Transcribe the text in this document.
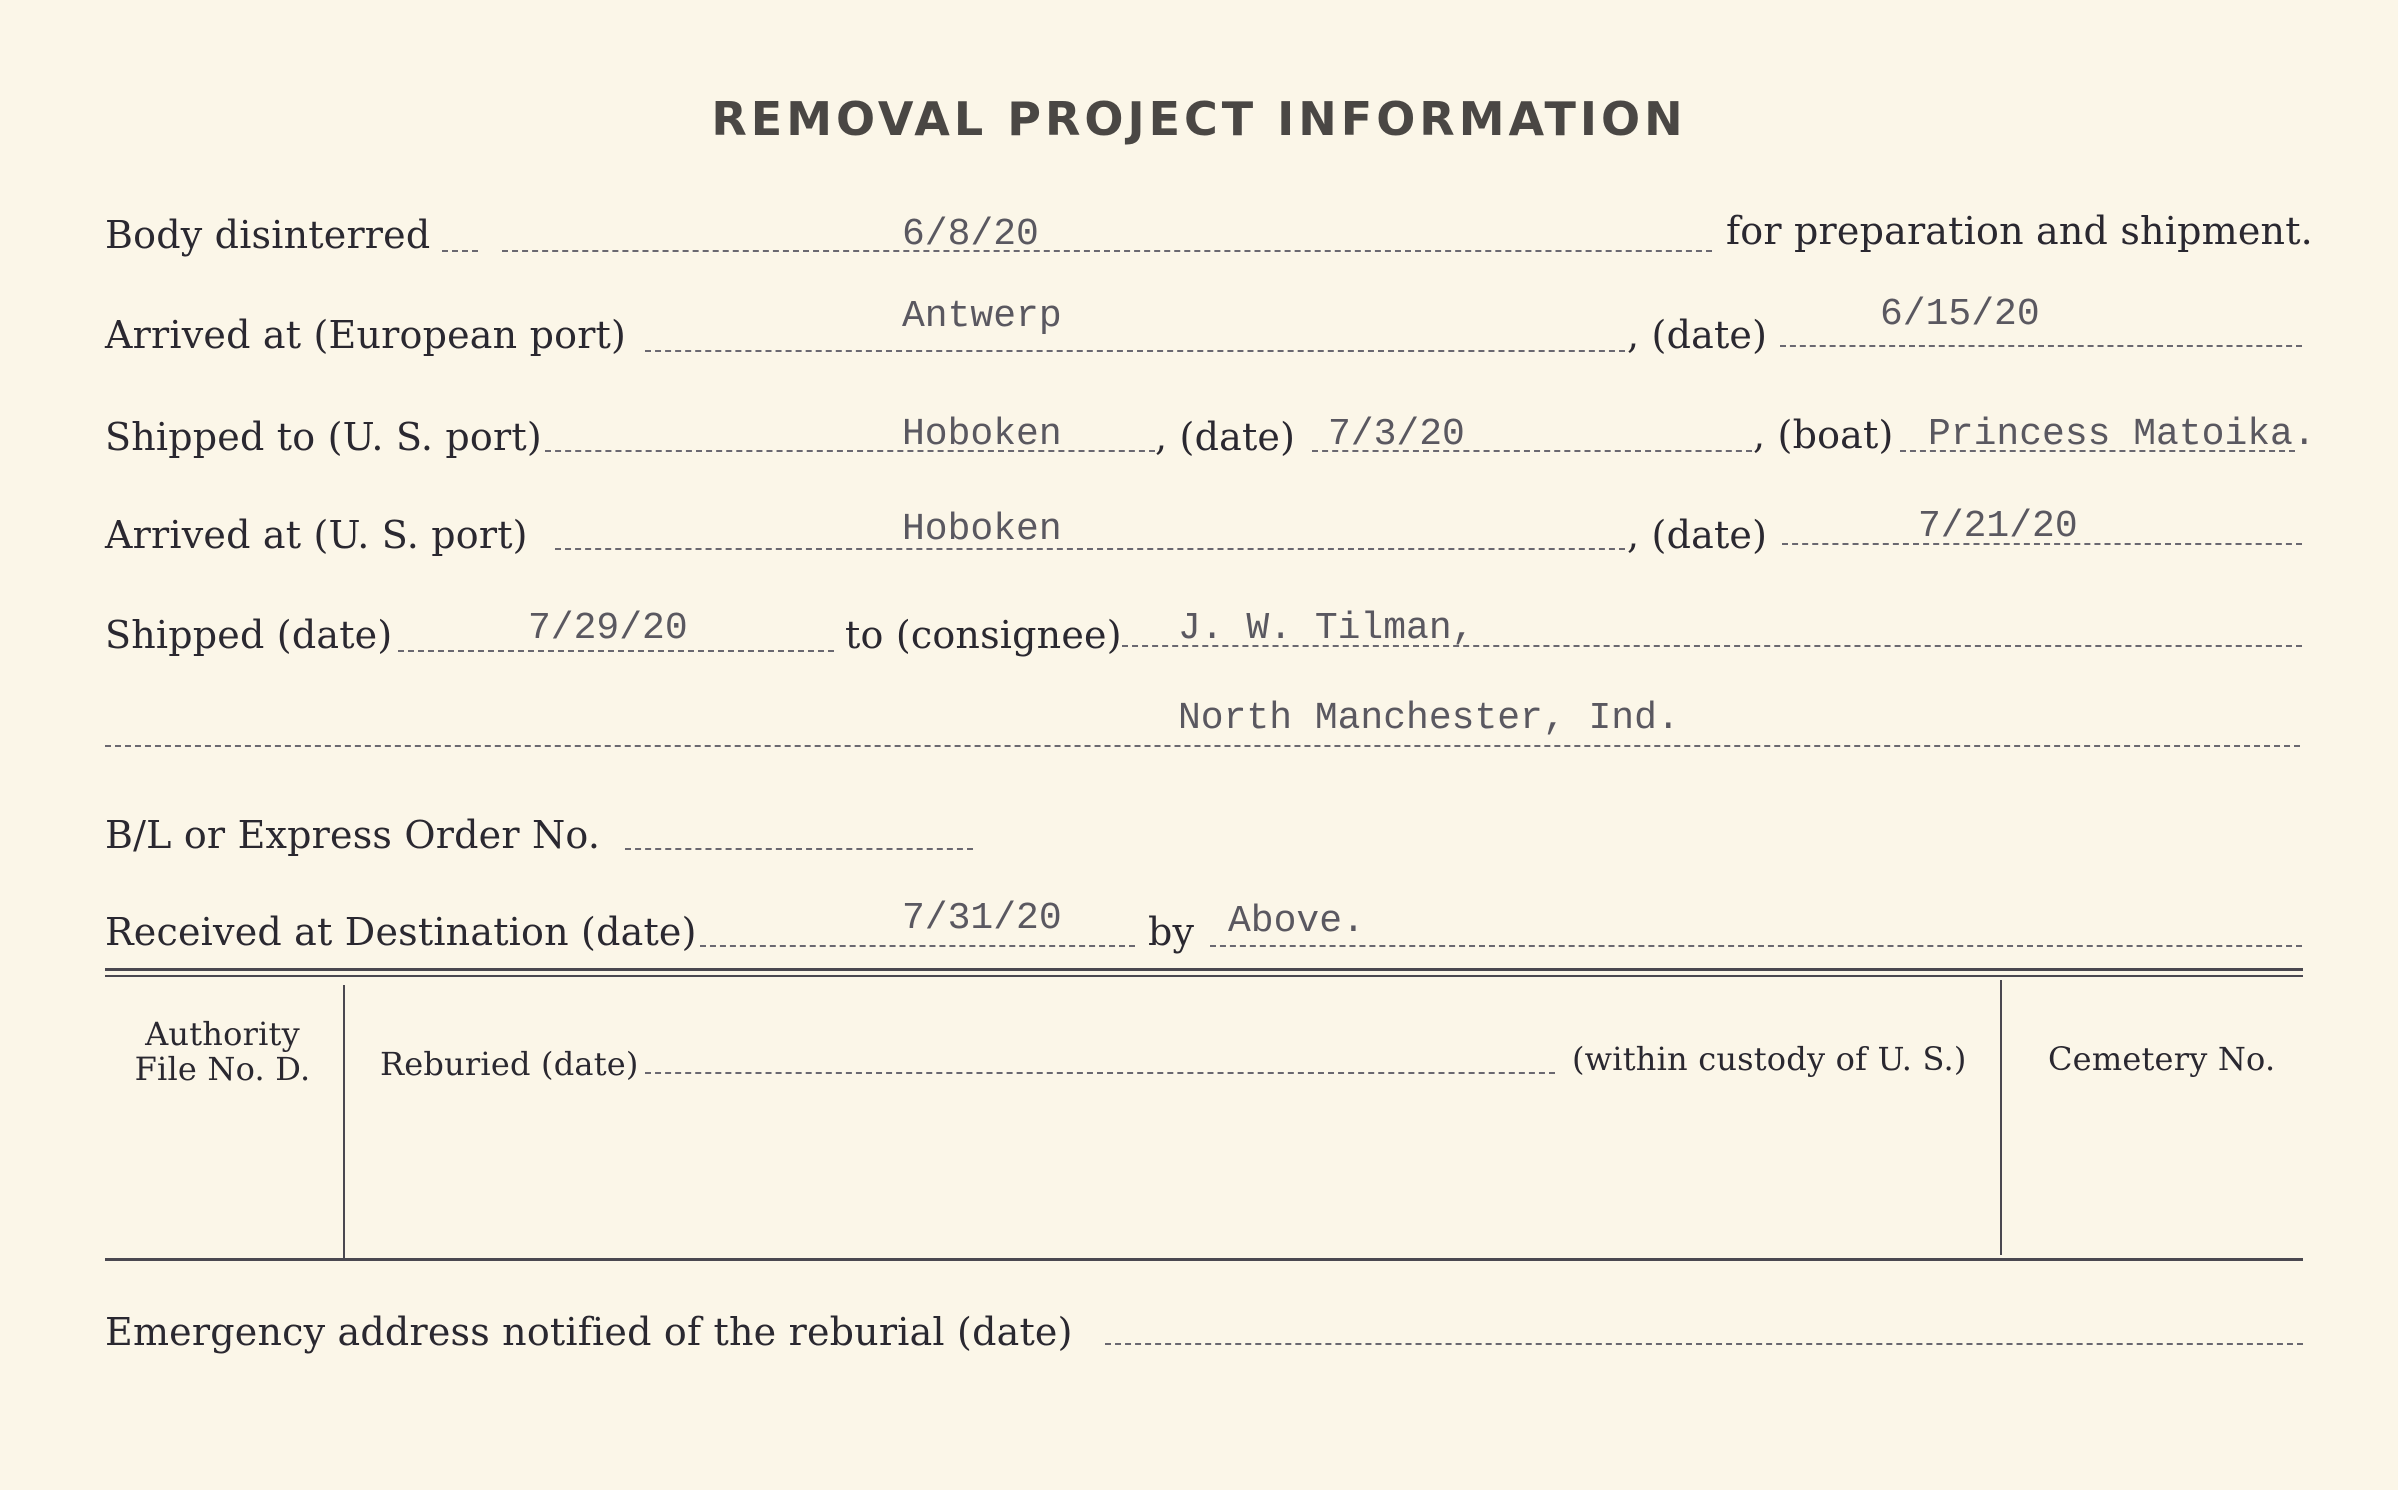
REMOVAL PROJECT INFORMATION
Body disinterred	6/8/20	for preparation and shipment.
Arrived at (European port)	Antwerp	, (date)	6/15/20
Shipped to (U. S. port)	Hoboken , (date) 7/3/20	, (boat) Princess Matoika.
Arrived at (U. S. port)	Hoboken	, (date)	7/21/20
Shipped (date)	7/29/20	to (consignee) J. W. Tilman,
North Manchester, Ind.
B/L or Express Order No.
Received at Destination (date)	7/31/20 by Above.
Authority
File No. D.	Reburied (date)	(within custody of U. S.)	Cemetery No.
Emergency address notified of the reburial (date)
